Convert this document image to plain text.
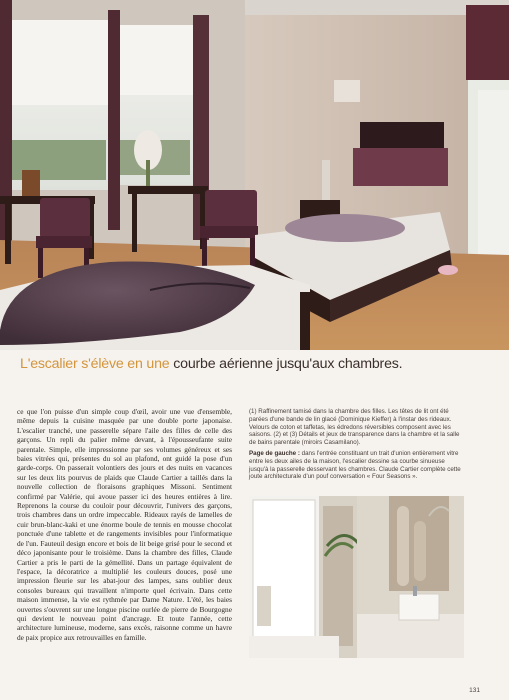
L'escalier s'élève en une courbe aérienne jusqu'aux chambres.
ce que l'on puisse d'un simple coup d'œil, avoir une vue d'ensemble, même depuis la cuisine masquée par une double porte japonaise. L'escalier tranché, une passerelle sépare l'aile des filles de celle des garçons. Un repli du palier même devant, à l'épousseufante suite parentale. Simple, elle impressionne par ses volumes généreux et ses baies vitrées qui, présentes du sol au plafond, ont guidé la pose d'un garde-corps. On passerait volontiers des jours et des nuits en vacances sur les deux lits pourvus de plaids que Claude Cartier a taillés dans la nouvelle collection de floraisons graphiques Missoni. Sentiment confirmé par Valérie, qui avoue passer ici des heures entières à lire. Reprenons la course du couloir pour découvrir, l'univers des garçons, trois chambres dans un ordre impeccable. Rideaux rayés de lamelles de cuir brun-blanc-kaki et une énorme boule de tennis en mousse chocolat ponctuée d'une tablette et de rangements invisibles pour l'informatique de l'un. Fauteuil design encore et bois de lit beige grisé pour le second et déco japonisante pour le troisième. Dans la chambre des filles, Claude Cartier a pris le parti de la gémellité. Dans un partage équivalent de l'espace, la décoratrice a multiplié les couleurs douces, posé une impression fleurie sur les abat-jour des lampes, sans oublier deux consoles bureaux qui travaillent n'importe quel écrivain. Dans cette maison immense, la vie est rythmée par Dame Nature. L'été, les baies ouvertes s'ouvrent sur une longue piscine ourlée de pierre de Bourgogne qui devient le nouveau point d'ancrage. Et toute l'année, cette architecture lumineuse, moderne, sans excès, raisonne comme un havre de paix propice aux retrouvailles en famille.

(1) Raffinement tamisé dans la chambre des filles. Les têtes de lit ont été parées d'une bande de lin glacé (Dominique Kieffer) à l'instar des rideaux. Velours de coton et taffetas, les édredons réversibles composent avec les saisons. (2) et (3) Détails et jeux de transparence dans la chambre et la salle de bains parentale (miroirs Casamilano).

Page de gauche : dans l'entrée constituant un trait d'union entièrement vitre entre les deux ailes de la maison, l'escalier dessine sa courbe sinueuse jusqu'à la passerelle desservant les chambres. Claude Cartier complète cette joute architecturale d'un pouf conversation « Four Seasons ».

131
